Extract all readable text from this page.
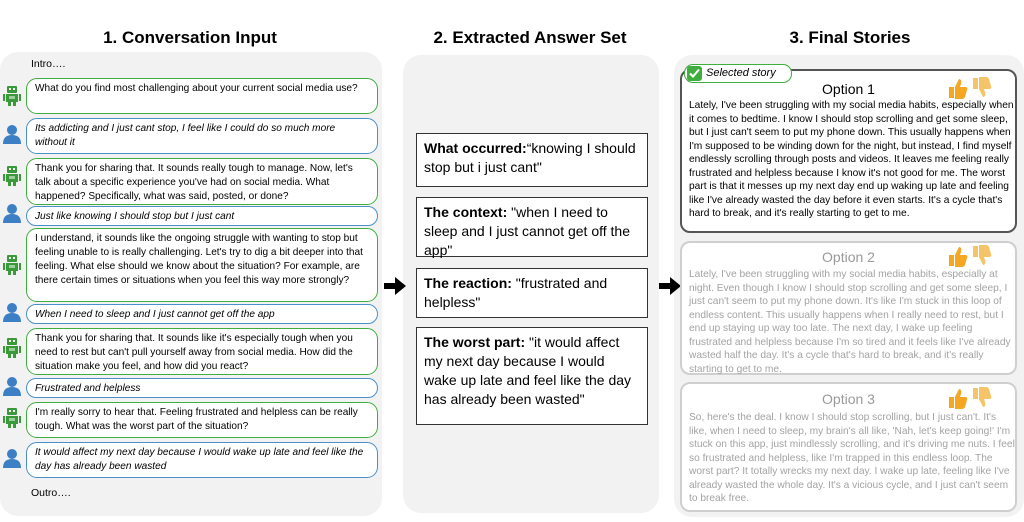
1. Conversation Input	2. Extracted Answer Set	3. Final Stories
Intro….
What do you find most challenging about your current social media use?
Its addicting and I just cant stop, I feel like I could do so much more without it
Thank you for sharing that. It sounds really tough to manage. Now, let's talk about a specific experience you've had on social media. What happened? Specifically, what was said, posted, or done?
Just like knowing I should stop but I just cant
I understand, it sounds like the ongoing struggle with wanting to stop but feeling unable to is really challenging. Let's try to dig a bit deeper into that feeling. What else should we know about the situation? For example, are there certain times or situations when you feel this way more strongly?
When I need to sleep and I just cannot get off the app
Thank you for sharing that. It sounds like it's especially tough when you need to rest but can't pull yourself away from social media. How did the situation make you feel, and how did you react?
Frustrated and helpless
I'm really sorry to hear that. Feeling frustrated and helpless can be really tough. What was the worst part of the situation?
It would affect my next day because I would wake up late and feel like the day has already been wasted
Outro….
What occurred:“knowing I should stop but i just cant"
The context: "when I need to sleep and I just cannot get off the app"
The reaction: "frustrated and helpless"
The worst part: "it would affect my next day because I would wake up late and feel like the day has already been wasted"
Option 1
Lately, I've been struggling with my social media habits, especially when it comes to bedtime. I know I should stop scrolling and get some sleep, but I just can't seem to put my phone down. This usually happens when I'm supposed to be winding down for the night, but instead, I find myself endlessly scrolling through posts and videos. It leaves me feeling really frustrated and helpless because I know it's not good for me. The worst part is that it messes up my next day end up waking up late and feeling like I've already wasted the day before it even starts. It's a cycle that's hard to break, and it's really starting to get to me.
Selected story
Option 2
Lately, I've been struggling with my social media habits, especially at night. Even though I know I should stop scrolling and get some sleep, I just can't seem to put my phone down. It's like I'm stuck in this loop of endless content. This usually happens when I really need to rest, but I end up staying up way too late. The next day, I wake up feeling frustrated and helpless because I'm so tired and it feels like I've already wasted half the day. It's a cycle that's hard to break, and it's really starting to get to me.
Option 3
So, here's the deal. I know I should stop scrolling, but I just can't. It's like, when I need to sleep, my brain's all like, 'Nah, let's keep going!' I'm stuck on this app, just mindlessly scrolling, and it's driving me nuts. I feel so frustrated and helpless, like I'm trapped in this endless loop. The worst part? It totally wrecks my next day. I wake up late, feeling like I've already wasted the whole day. It's a vicious cycle, and I just can't seem to break free.
